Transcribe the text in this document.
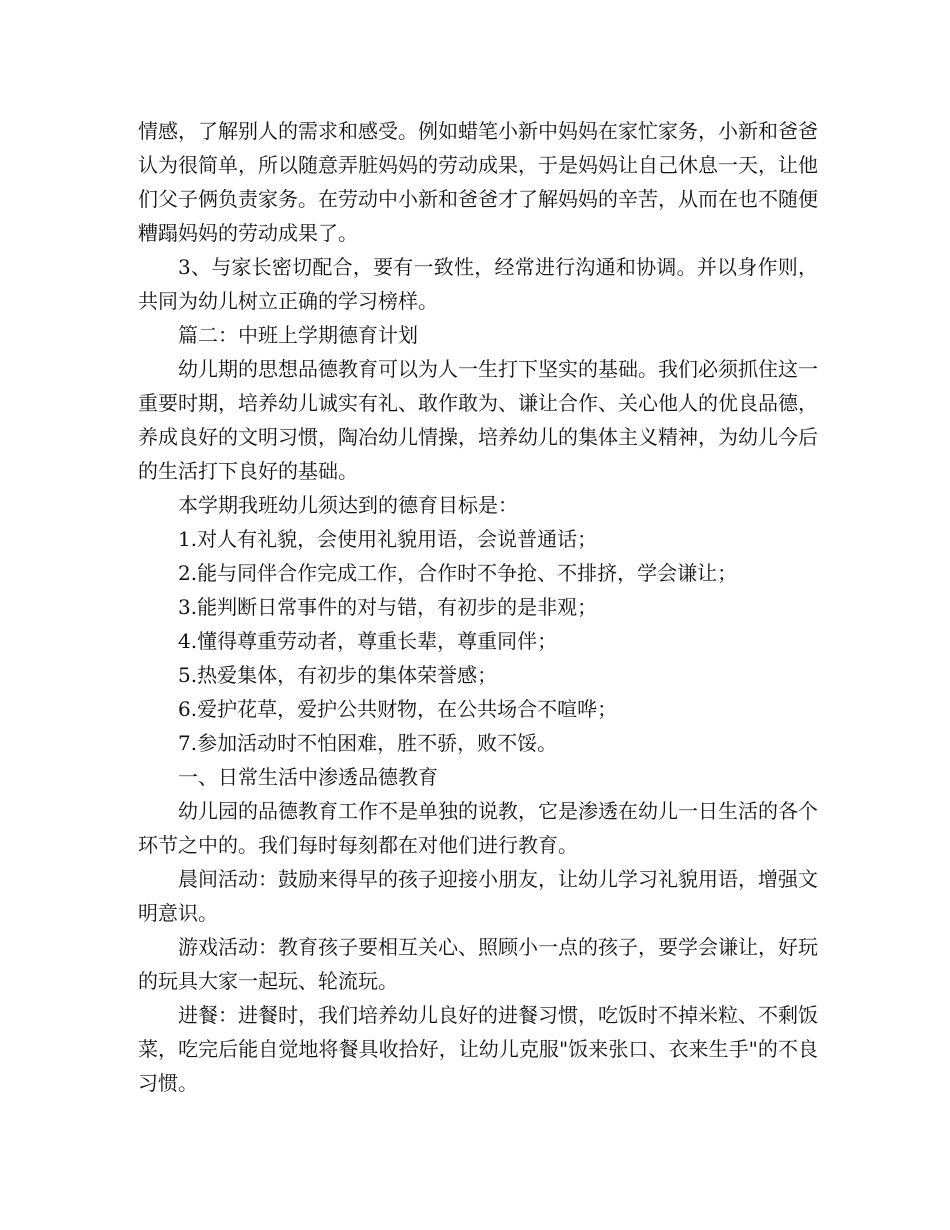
情感，了解别人的需求和感受。例如蜡笔小新中妈妈在家忙家务，小新和爸爸认为很简单，所以随意弄脏妈妈的劳动成果，于是妈妈让自己休息一天，让他们父子俩负责家务。在劳动中小新和爸爸才了解妈妈的辛苦，从而在也不随便糟蹋妈妈的劳动成果了。

3、与家长密切配合，要有一致性，经常进行沟通和协调。并以身作则，共同为幼儿树立正确的学习榜样。

篇二：中班上学期德育计划

幼儿期的思想品德教育可以为人一生打下坚实的基础。我们必须抓住这一重要时期，培养幼儿诚实有礼、敢作敢为、谦让合作、关心他人的优良品德，养成良好的文明习惯，陶冶幼儿情操，培养幼儿的集体主义精神，为幼儿今后的生活打下良好的基础。

本学期我班幼儿须达到的德育目标是：

1.对人有礼貌，会使用礼貌用语，会说普通话；

2.能与同伴合作完成工作，合作时不争抢、不排挤，学会谦让；

3.能判断日常事件的对与错，有初步的是非观；

4.懂得尊重劳动者，尊重长辈，尊重同伴；

5.热爱集体，有初步的集体荣誉感；

6.爱护花草，爱护公共财物，在公共场合不喧哗；

7.参加活动时不怕困难，胜不骄，败不馁。

一、日常生活中渗透品德教育

幼儿园的品德教育工作不是单独的说教，它是渗透在幼儿一日生活的各个环节之中的。我们每时每刻都在对他们进行教育。

晨间活动：鼓励来得早的孩子迎接小朋友，让幼儿学习礼貌用语，增强文明意识。

游戏活动：教育孩子要相互关心、照顾小一点的孩子，要学会谦让，好玩的玩具大家一起玩、轮流玩。

进餐：进餐时，我们培养幼儿良好的进餐习惯，吃饭时不掉米粒、不剩饭菜，吃完后能自觉地将餐具收拾好，让幼儿克服"饭来张口、衣来生手"的不良习惯。
